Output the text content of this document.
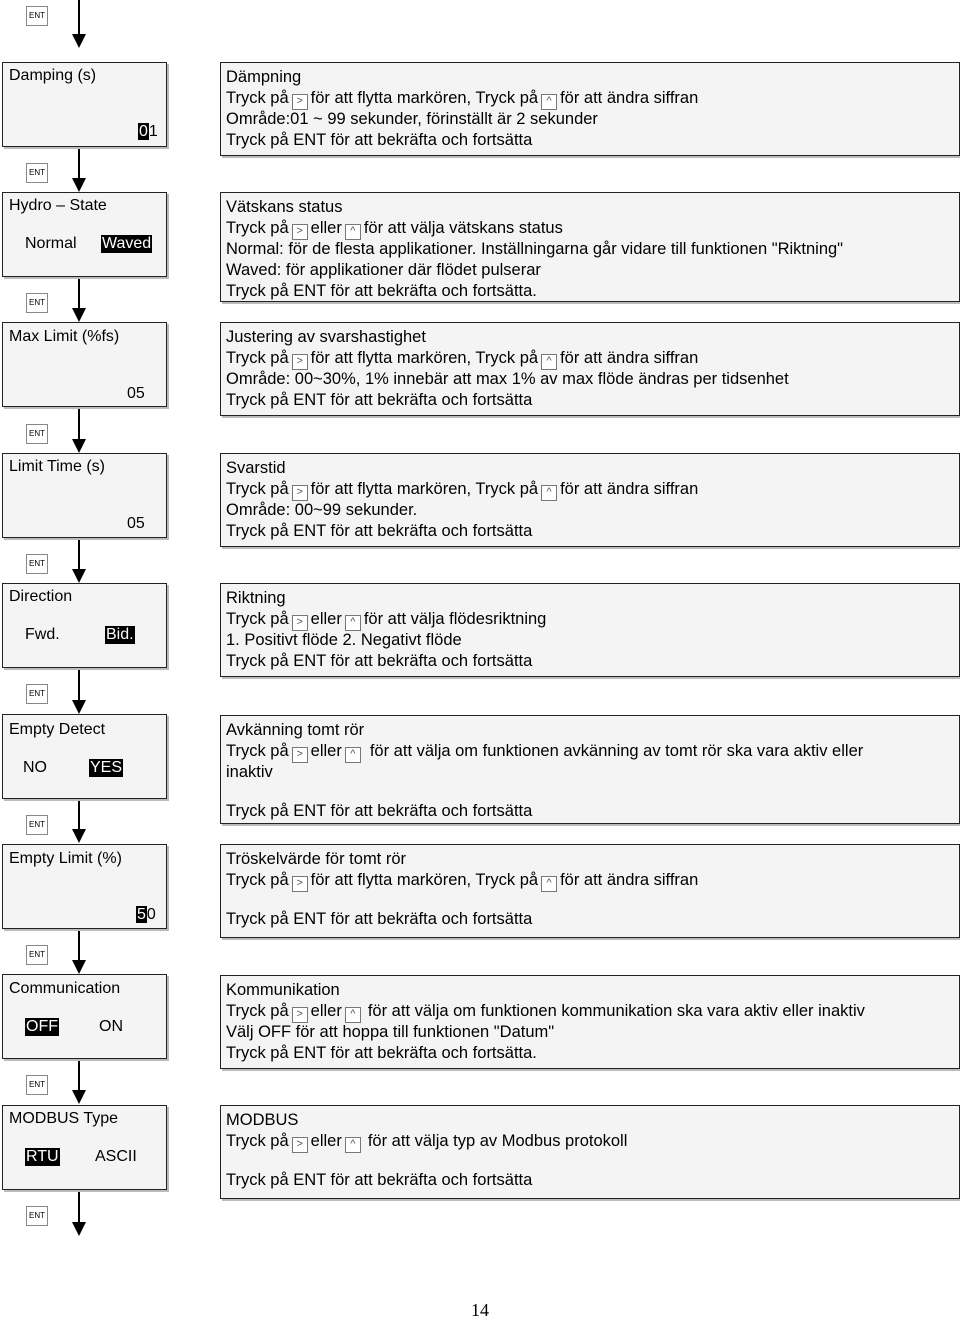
ENT
ENT
ENT
ENT
ENT
ENT
ENT
ENT
ENT
ENT
Damping (s)
01
Hydro – State
Normal Waved
Max Limit (%fs)
05
Limit Time (s)
05
Direction
Fwd.	Bid.
Empty Detect
NO	YES
Empty Limit (%)
50
Communication
OFF	ON
MODBUS Type
RTU ASCII
Dämpning
Tryck på > för att flytta markören, Tryck på ^ för att ändra siffran
Område:01 ~ 99 sekunder, förinställt är 2 sekunder
Tryck på ENT för att bekräfta och fortsätta
Vätskans status
Tryck på > eller ^ för att välja vätskans status
Normal: för de flesta applikationer. Inställningarna går vidare till funktionen "Riktning"
Waved: för applikationer där flödet pulserar
Tryck på ENT för att bekräfta och fortsätta.
Justering av svarshastighet
Tryck på > för att flytta markören, Tryck på ^ för att ändra siffran
Område: 00~30%, 1% innebär att max 1% av max flöde ändras per tidsenhet
Tryck på ENT för att bekräfta och fortsätta
Svarstid
Tryck på > för att flytta markören, Tryck på ^ för att ändra siffran
Område: 00~99 sekunder.
Tryck på ENT för att bekräfta och fortsätta
Riktning
Tryck på > eller ^ för att välja flödesriktning
1. Positivt flöde 2. Negativt flöde
Tryck på ENT för att bekräfta och fortsätta
Avkänning tomt rör
Tryck på > eller ^ för att välja om funktionen avkänning av tomt rör ska vara aktiv eller
inaktiv
Tryck på ENT för att bekräfta och fortsätta
Tröskelvärde för tomt rör
Tryck på > för att flytta markören, Tryck på ^ för att ändra siffran
Tryck på ENT för att bekräfta och fortsätta
Kommunikation
Tryck på > eller ^ för att välja om funktionen kommunikation ska vara aktiv eller inaktiv
Välj OFF för att hoppa till funktionen "Datum"
Tryck på ENT för att bekräfta och fortsätta.
MODBUS
Tryck på > eller ^ för att välja typ av Modbus protokoll
Tryck på ENT för att bekräfta och fortsätta
14
